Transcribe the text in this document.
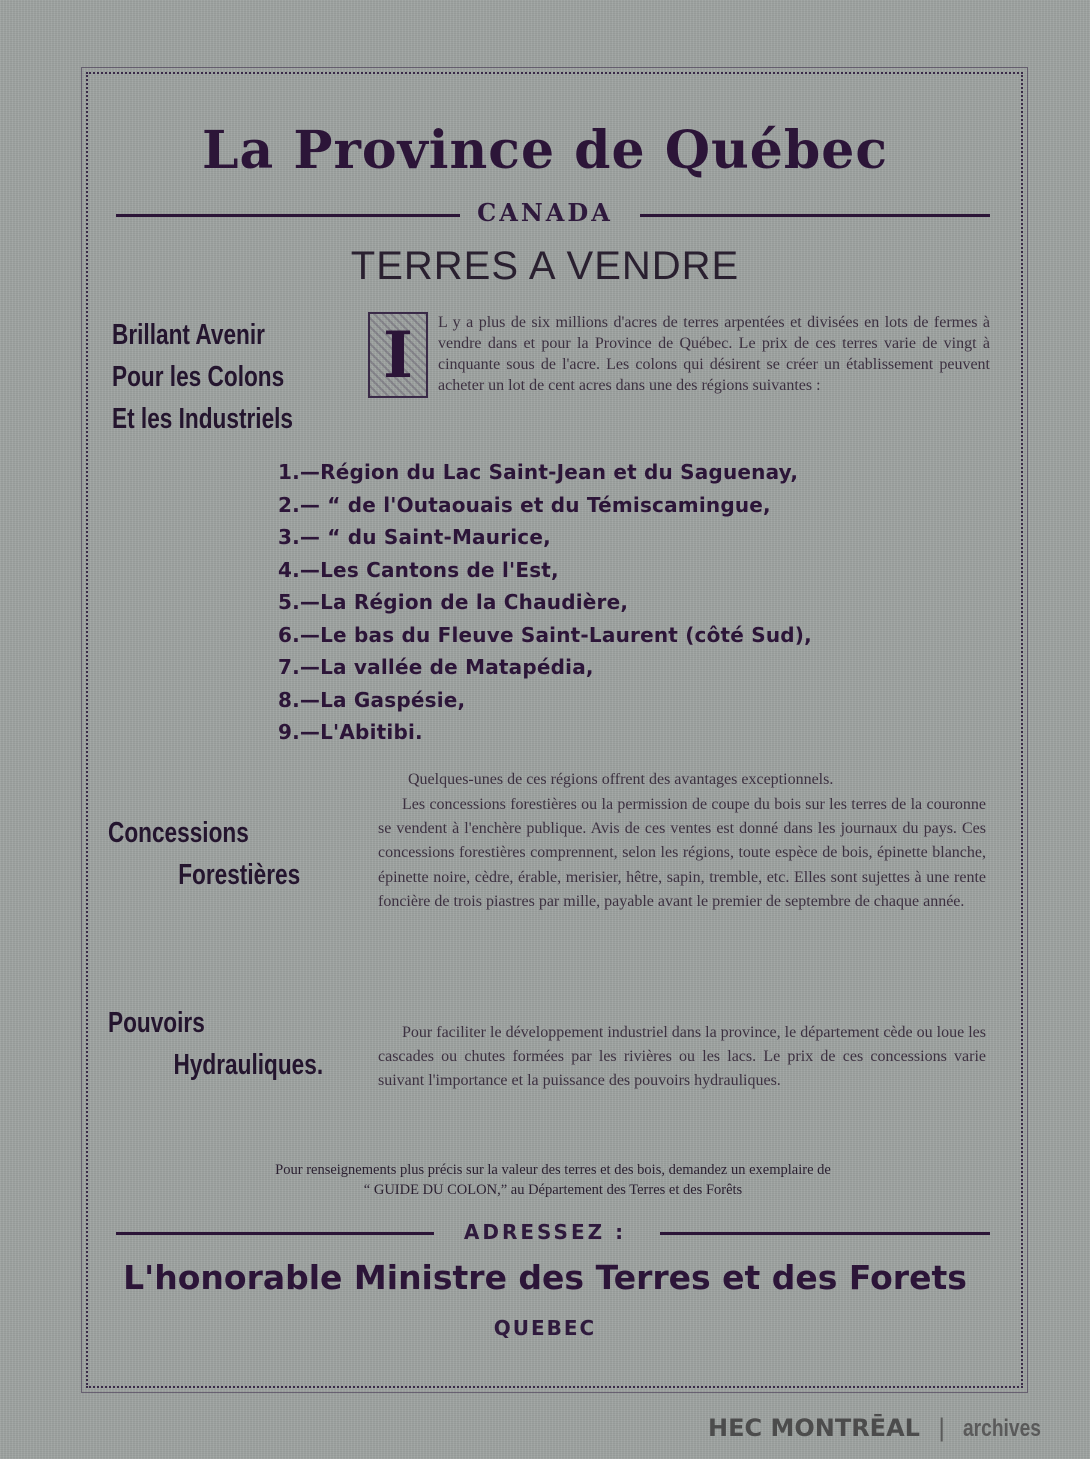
La Province de Québec
CANADA
TERRES A VENDRE
Brillant Avenir
Pour les Colons
Et les Industriels
I	L y a plus de six millions d'acres de terres arpentées et divisées en lots de fermes à vendre dans et pour la Province de Québec. Le prix de ces terres varie de vingt à cinquante sous de l'acre. Les colons qui désirent se créer un établissement peuvent acheter un lot de cent acres dans une des régions suivantes :
1.—Région du Lac Saint-Jean et du Saguenay,
2.— “ de l'Outaouais et du Témiscamingue,
3.— “ du Saint-Maurice,
4.—Les Cantons de l'Est,
5.—La Région de la Chaudière,
6.—Le bas du Fleuve Saint-Laurent (côté Sud),
7.—La vallée de Matapédia,
8.—La Gaspésie,
9.—L'Abitibi.

Quelques-unes de ces régions offrent des avantages exceptionnels.

Les concessions forestières ou la permission de coupe du bois sur les terres de la couronne se vendent à l'enchère publique. Avis de ces ventes est donné dans les journaux du pays. Ces concessions forestières comprennent, selon les régions, toute espèce de bois, épinette blanche, épinette noire, cèdre, érable, merisier, hêtre, sapin, tremble, etc. Elles sont sujettes à une rente foncière de trois piastres par mille, payable avant le premier de septembre de chaque année.

Pour faciliter le développement industriel dans la province, le département cède ou loue les cascades ou chutes formées par les rivières ou les lacs. Le prix de ces concessions varie suivant l'importance et la puissance des pouvoirs hydrauliques.

Concessions
Forestières
Pouvoirs
Hydrauliques.
Pour renseignements plus précis sur la valeur des terres et des bois, demandez un exemplaire de
“ GUIDE DU COLON,” au Département des Terres et des Forêts
ADRESSEZ :
L'honorable Ministre des Terres et des Forets
QUEBEC
HEC MONTRĒAL | archives
